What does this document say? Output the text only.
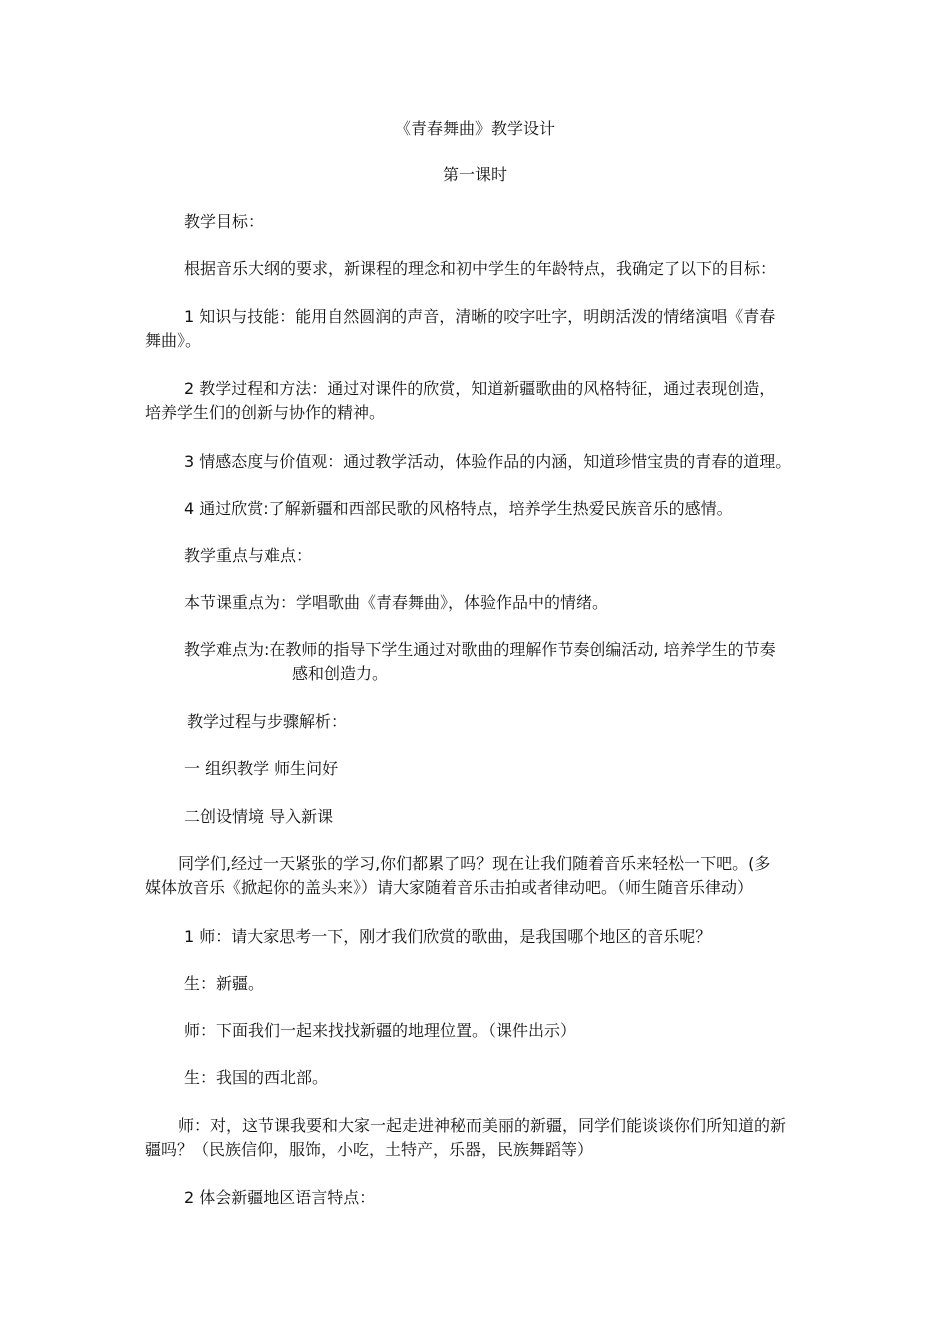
《青春舞曲》教学设计
第一课时
教学目标：
根据音乐大纲的要求，新课程的理念和初中学生的年龄特点，我确定了以下的目标：
1 知识与技能：能用自然圆润的声音，清晰的咬字吐字，明朗活泼的情绪演唱《青春
舞曲》。
2 教学过程和方法：通过对课件的欣赏，知道新疆歌曲的风格特征，通过表现创造，
培养学生们的创新与协作的精神。
3 情感态度与价值观：通过教学活动，体验作品的内涵，知道珍惜宝贵的青春的道理。
4 通过欣赏:了解新疆和西部民歌的风格特点，培养学生热爱民族音乐的感情。
教学重点与难点：
本节课重点为：学唱歌曲《青春舞曲》，体验作品中的情绪。
教学难点为:在教师的指导下学生通过对歌曲的理解作节奏创编活动, 培养学生的节奏
感和创造力。
教学过程与步骤解析：
一 组织教学 师生问好
二创设情境 导入新课
同学们,经过一天紧张的学习,你们都累了吗？现在让我们随着音乐来轻松一下吧。(多
媒体放音乐《掀起你的盖头来》）请大家随着音乐击拍或者律动吧。（师生随音乐律动）
1 师：请大家思考一下，刚才我们欣赏的歌曲，是我国哪个地区的音乐呢？
生：新疆。
师：下面我们一起来找找新疆的地理位置。（课件出示）
生：我国的西北部。
师：对，这节课我要和大家一起走进神秘而美丽的新疆，同学们能谈谈你们所知道的新
疆吗？（民族信仰，服饰，小吃，土特产，乐器，民族舞蹈等）
2 体会新疆地区语言特点：
